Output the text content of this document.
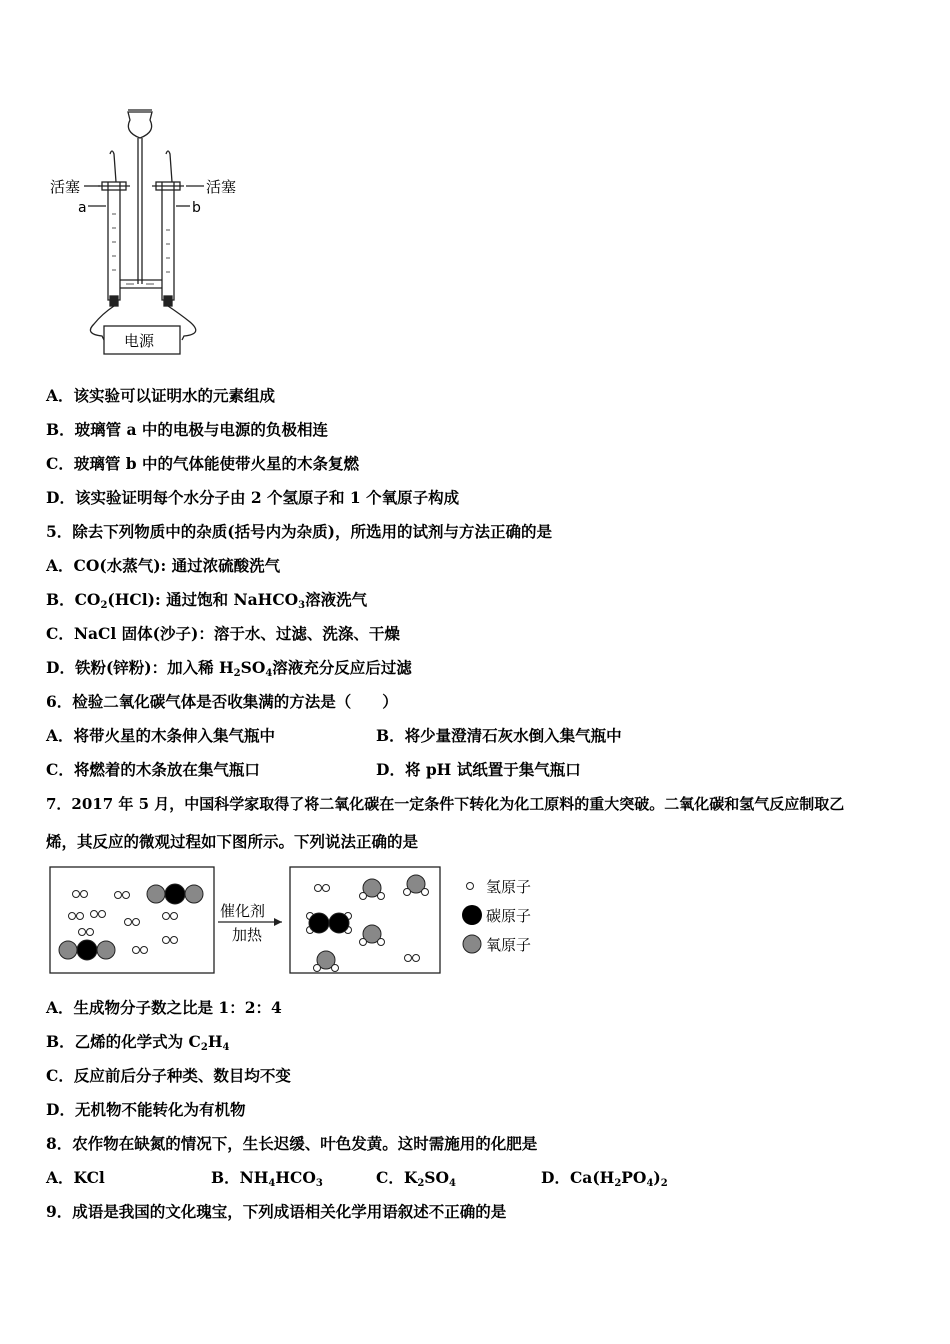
活塞	活塞
a	b
电源
A．该实验可以证明水的元素组成
B．玻璃管 a 中的电极与电源的负极相连
C．玻璃管 b 中的气体能使带火星的木条复燃
D．该实验证明每个水分子由 2 个氢原子和 1 个氧原子构成
5．除去下列物质中的杂质(括号内为杂质)，所选用的试剂与方法正确的是
A．CO(水蒸气): 通过浓硫酸洗气
B．$CO_2(HCl)$: 通过饱和 NaHCO$_3$溶液洗气
C．NaCl 固体(沙子)：溶于水、过滤、洗涤、干燥
D．铁粉(锌粉)：加入稀 $H_2SO_4$溶液充分反应后过滤
6．检验二氧化碳气体是否收集满的方法是（　　）
A．将带火星的木条伸入集气瓶中	B．将少量澄清石灰水倒入集气瓶中
C．将燃着的木条放在集气瓶口	D．将 pH 试纸置于集气瓶口
7．2017 年 5 月，中国科学家取得了将二氧化碳在一定条件下转化为化工原料的重大突破。二氧化碳和氢气反应制取乙
烯，其反应的微观过程如下图所示。下列说法正确的是
催化剂
加热
氢原子
碳原子
氧原子
A．生成物分子数之比是 1：2：4
B．乙烯的化学式为 $C_2H_4$
C．反应前后分子种类、数目均不变
D．无机物不能转化为有机物
8．农作物在缺氮的情况下，生长迟缓、叶色发黄。这时需施用的化肥是
A．KCl	B．$NH_4HCO_3$	C．$K_2SO_4$	D．$Ca(H_2PO_4)_2$
9．成语是我国的文化瑰宝，下列成语相关化学用语叙述不正确的是
